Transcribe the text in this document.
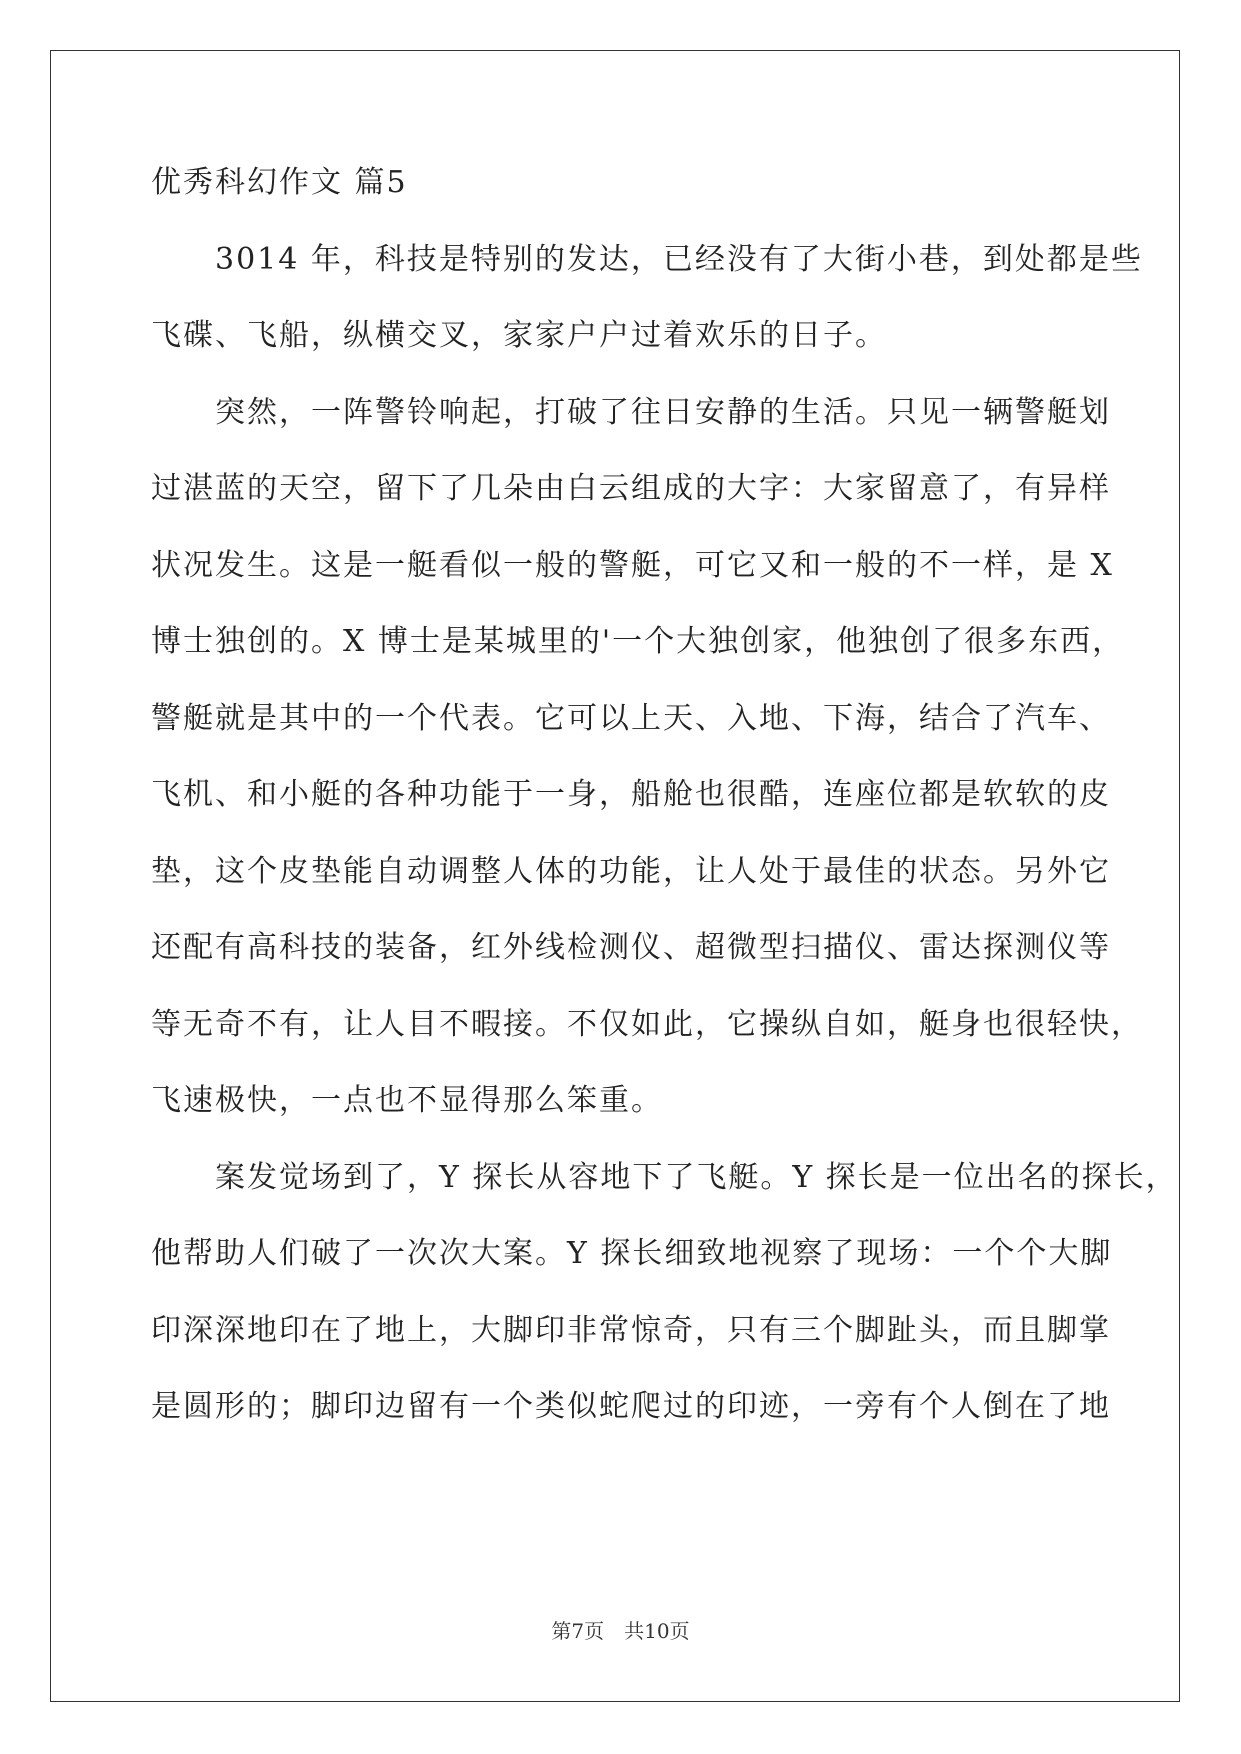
优秀科幻作文 篇5
　　3014 年，科技是特别的发达，已经没有了大街小巷，到处都是些
飞碟、飞船，纵横交叉，家家户户过着欢乐的日子。
　　突然，一阵警铃响起，打破了往日安静的生活。只见一辆警艇划
过湛蓝的天空，留下了几朵由白云组成的大字：大家留意了，有异样
状况发生。这是一艇看似一般的警艇，可它又和一般的不一样，是 X
博士独创的。X 博士是某城里的'一个大独创家，他独创了很多东西，
警艇就是其中的一个代表。它可以上天、入地、下海，结合了汽车、
飞机、和小艇的各种功能于一身，船舱也很酷，连座位都是软软的皮
垫，这个皮垫能自动调整人体的功能，让人处于最佳的状态。另外它
还配有高科技的装备，红外线检测仪、超微型扫描仪、雷达探测仪等
等无奇不有，让人目不暇接。不仅如此，它操纵自如，艇身也很轻快，
飞速极快，一点也不显得那么笨重。
　　案发觉场到了，Y 探长从容地下了飞艇。Y 探长是一位出名的探长，
他帮助人们破了一次次大案。Y 探长细致地视察了现场：一个个大脚
印深深地印在了地上，大脚印非常惊奇，只有三个脚趾头，而且脚掌
是圆形的；脚印边留有一个类似蛇爬过的印迹，一旁有个人倒在了地
第7页　共10页
